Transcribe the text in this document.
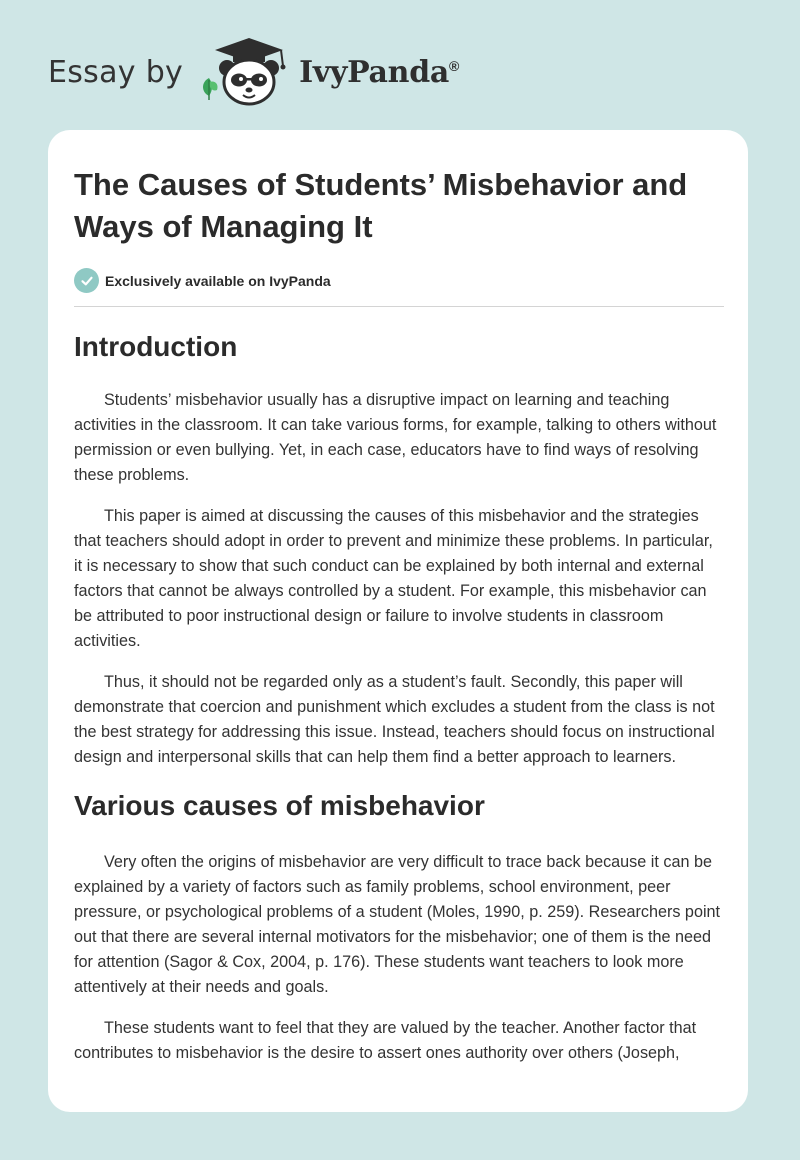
Essay by	IvyPanda®
The Causes of Students’ Misbehavior and Ways of Managing It
Exclusively available on IvyPanda
Introduction

Students’ misbehavior usually has a disruptive impact on learning and teaching activities in the classroom. It can take various forms, for example, talking to others without permission or even bullying. Yet, in each case, educators have to find ways of resolving these problems.

This paper is aimed at discussing the causes of this misbehavior and the strategies that teachers should adopt in order to prevent and minimize these problems. In particular, it is necessary to show that such conduct can be explained by both internal and external factors that cannot be always controlled by a student. For example, this misbehavior can be attributed to poor instructional design or failure to involve students in classroom activities.

Thus, it should not be regarded only as a student’s fault. Secondly, this paper will demonstrate that coercion and punishment which excludes a student from the class is not the best strategy for addressing this issue. Instead, teachers should focus on instructional design and interpersonal skills that can help them find a better approach to learners.

Various causes of misbehavior

Very often the origins of misbehavior are very difficult to trace back because it can be explained by a variety of factors such as family problems, school environment, peer pressure, or psychological problems of a student (Moles, 1990, p. 259). Researchers point out that there are several internal motivators for the misbehavior; one of them is the need for attention (Sagor & Cox, 2004, p. 176). These students want teachers to look more attentively at their needs and goals.

These students want to feel that they are valued by the teacher. Another factor that contributes to misbehavior is the desire to assert ones authority over others (Joseph,
